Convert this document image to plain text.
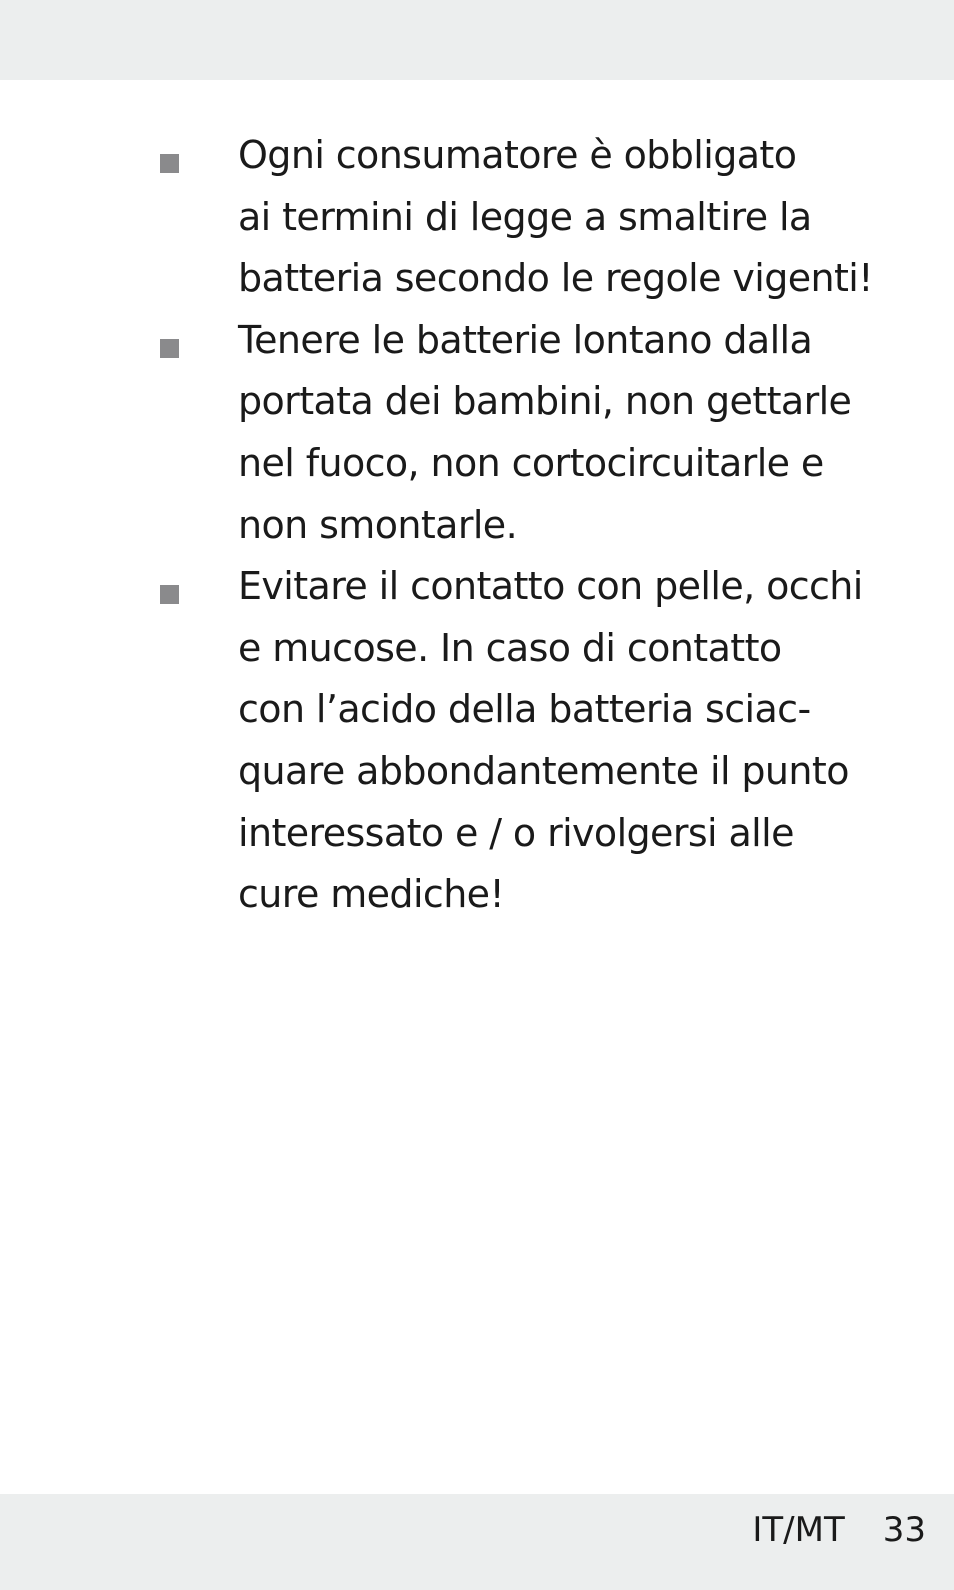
Ogni consumatore è obbligato
ai termini di legge a smaltire la
batteria secondo le regole vigenti!
Tenere le batterie lontano dalla
portata dei bambini, non gettarle
nel fuoco, non cortocircuitarle e
non smontarle.
Evitare il contatto con pelle, occhi
e mucose. In caso di contatto
con l’acido della batteria sciac-
quare abbondantemente il punto
interessato e / o rivolgersi alle
cure mediche!
IT/MT 33
